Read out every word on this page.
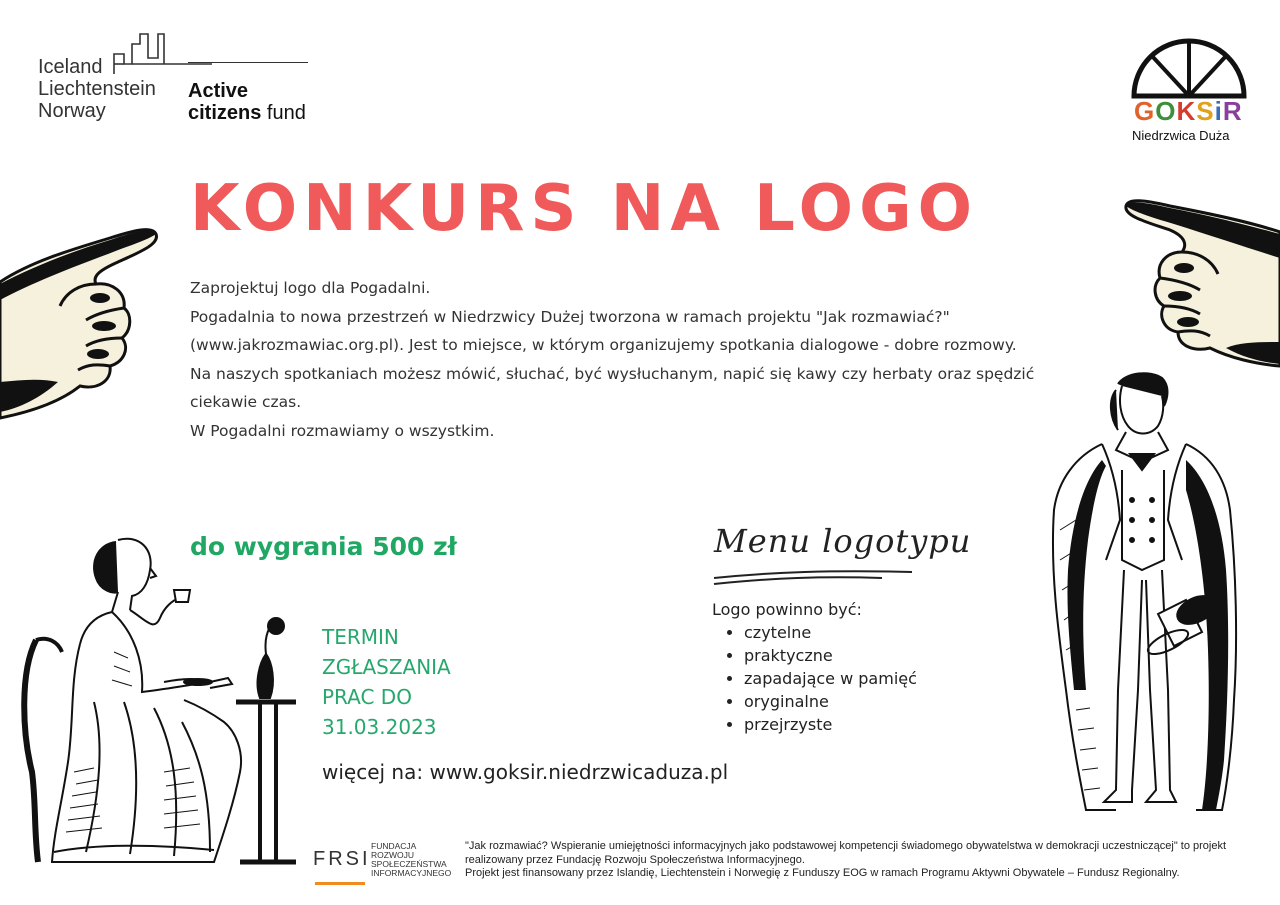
Iceland
Liechtenstein
Norway
Active
citizens fund	GOKSiR
Niedrzwica Duża
KONKURS NA LOGO

Zaprojektuj logo dla Pogadalni.

Pogadalnia to nowa przestrzeń w Niedrzwicy Dużej tworzona w ramach projektu "Jak rozmawiać?"

(www.jakrozmawiac.org.pl). Jest to miejsce, w którym organizujemy spotkania dialogowe - dobre rozmowy.

Na naszych spotkaniach możesz mówić, słuchać, być wysłuchanym, napić się kawy czy herbaty oraz spędzić

ciekawie czas.

W Pogadalni rozmawiamy o wszystkim.

do wygrania 500 zł
TERMIN
ZGŁASZANIA
PRAC DO
31.03.2023
więcej na: www.goksir.niedrzwicaduza.pl
Menu logotypu
Logo powinno być:
• czytelne
• praktyczne
• zapadające w pamięć
• oryginalne
• przejrzyste
FRSI
FUNDACJA
ROZWOJU
SPOŁECZEŃSTWA
INFORMACYJNEGO

"Jak rozmawiać? Wspieranie umiejętności informacyjnych jako podstawowej kompetencji świadomego obywatelstwa w demokracji uczestniczącej" to projekt realizowany przez Fundację Rozwoju Społeczeństwa Informacyjnego.

Projekt jest finansowany przez Islandię, Liechtenstein i Norwegię z Funduszy EOG w ramach Programu Aktywni Obywatele – Fundusz Regionalny.
